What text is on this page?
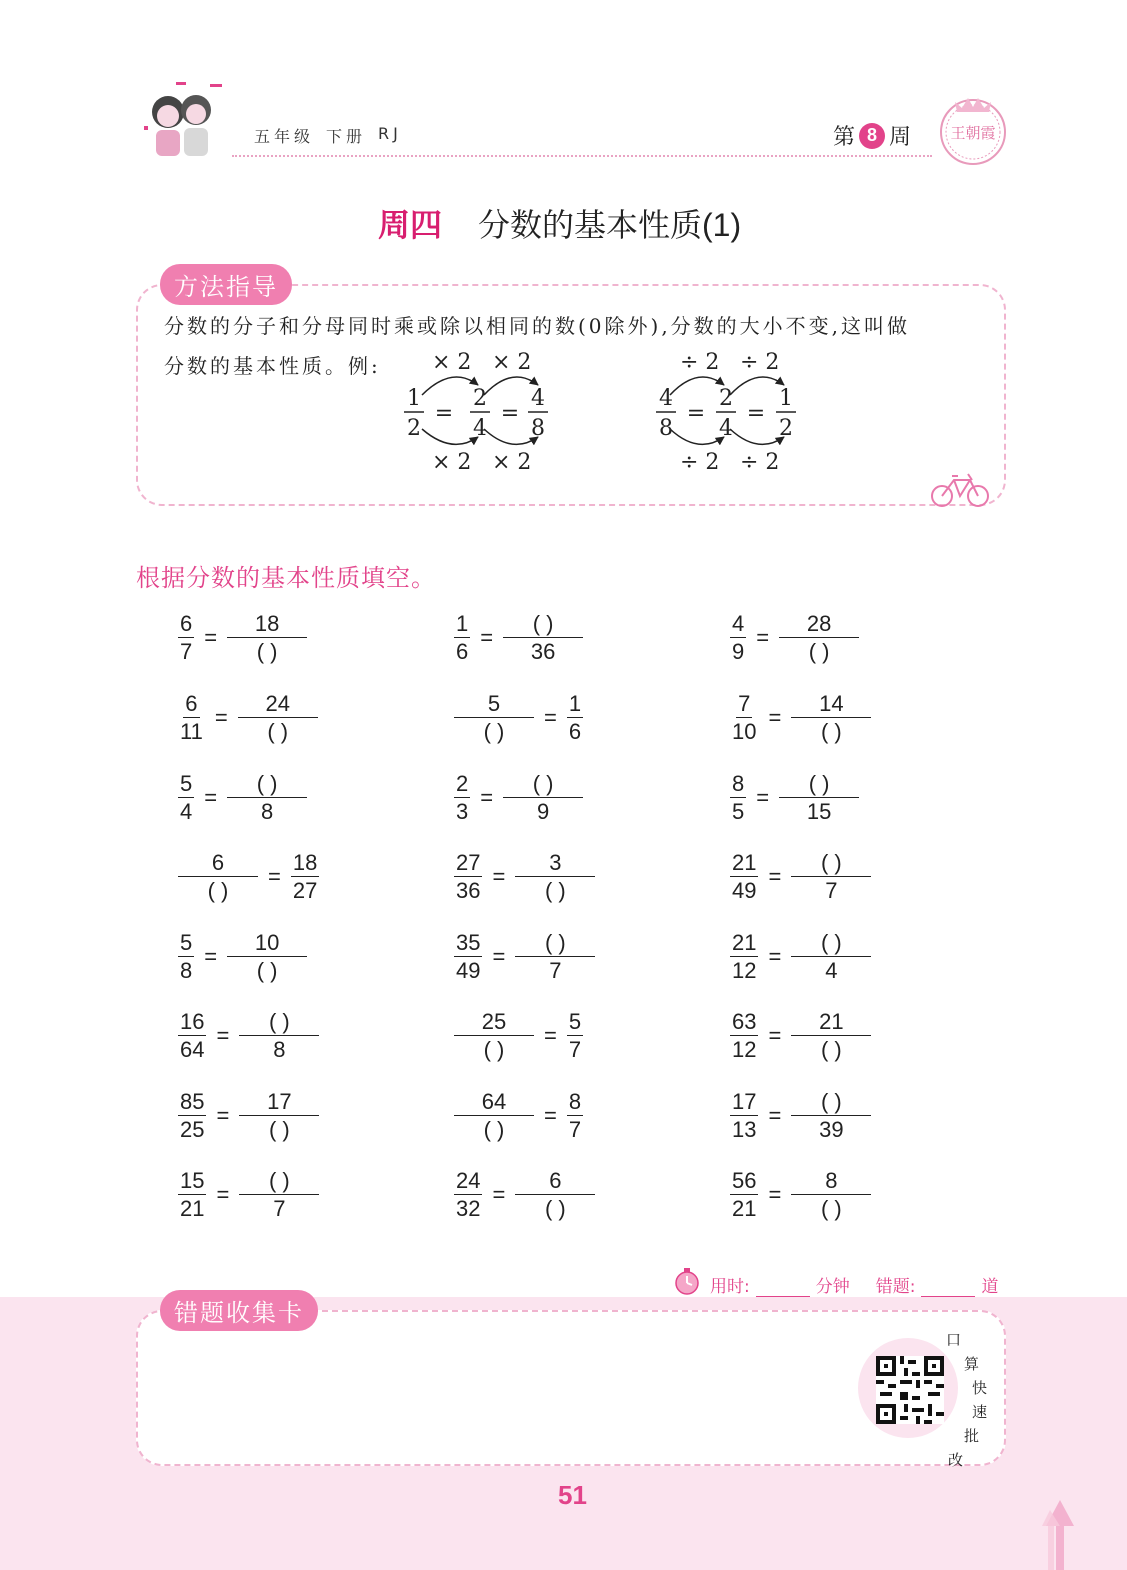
五年级 下册 RJ	第 8 周	王朝霞
周四 分数的基本性质(1)
方法指导
分数的分子和分母同时乘或除以相同的数(0除外),分数的大小不变,这叫做
分数的基本性质。例:	× 2 × 2
1
2
=
2
4
=
4
8
× 2 × 2
÷ 2 ÷ 2
4
8
=
2
4
=
1
2
÷ 2 ÷ 2
根据分数的基本性质填空。
$\frac{6}{7} = \frac{18}{( )}$	$\frac{1}{6} = \frac{( )}{36}$	$\frac{4}{9} = \frac{28}{( )}$
$\frac{6}{11} = \frac{24}{( )}$	$\frac{5}{( )} = \frac{1}{6}$	$\frac{7}{10} = \frac{14}{( )}$
$\frac{5}{4} = \frac{( )}{8}$	$\frac{2}{3} = \frac{( )}{9}$	$\frac{8}{5} = \frac{( )}{15}$
$\frac{6}{( )} = \frac{18}{27}$	$\frac{27}{36} = \frac{3}{( )}$	$\frac{21}{49} = \frac{( )}{7}$
$\frac{5}{8} = \frac{10}{( )}$	$\frac{35}{49} = \frac{( )}{7}$	$\frac{21}{12} = \frac{( )}{4}$
$\frac{16}{64} = \frac{( )}{8}$	$\frac{25}{( )} = \frac{5}{7}$	$\frac{63}{12} = \frac{21}{( )}$
$\frac{85}{25} = \frac{17}{( )}$	$\frac{64}{( )} = \frac{8}{7}$	$\frac{17}{13} = \frac{( )}{39}$
$\frac{15}{21} = \frac{( )}{7}$	$\frac{24}{32} = \frac{6}{( )}$	$\frac{56}{21} = \frac{8}{( )}$
用时:	分钟 错题:	道
错题收集卡
口
算
快
速
批
改
51
